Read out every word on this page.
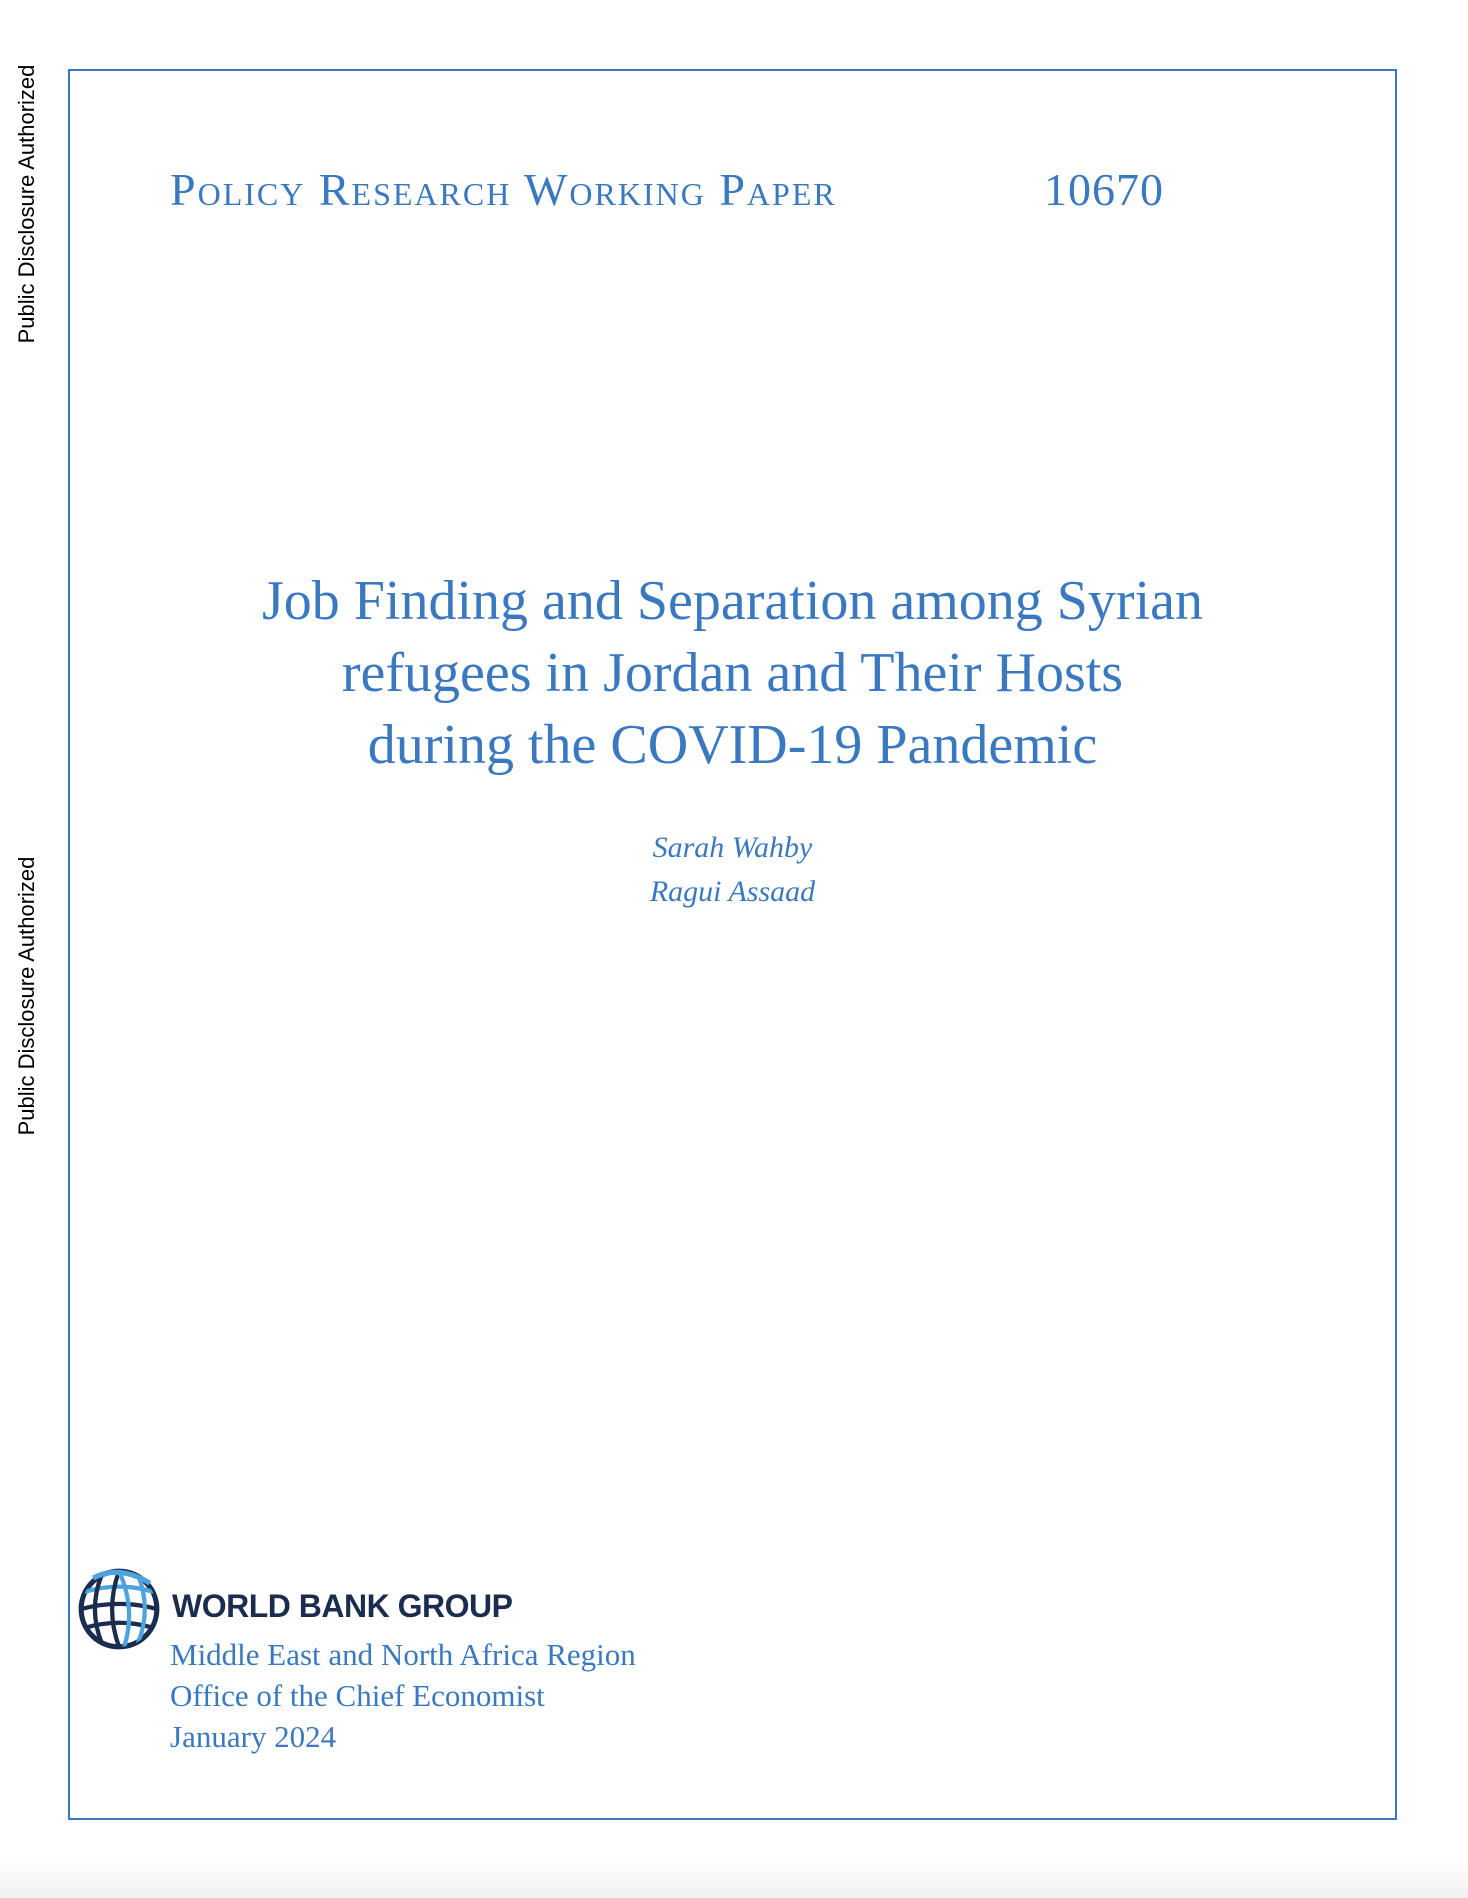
Public Disclosure Authorized
Public Disclosure Authorized
Policy Research Working Paper	10670
Job Finding and Separation among Syrian
refugees in Jordan and Their Hosts
during the COVID-19 Pandemic
Sarah Wahby
Ragui Assaad
WORLD BANK GROUP
Middle East and North Africa Region
Office of the Chief Economist
January 2024
